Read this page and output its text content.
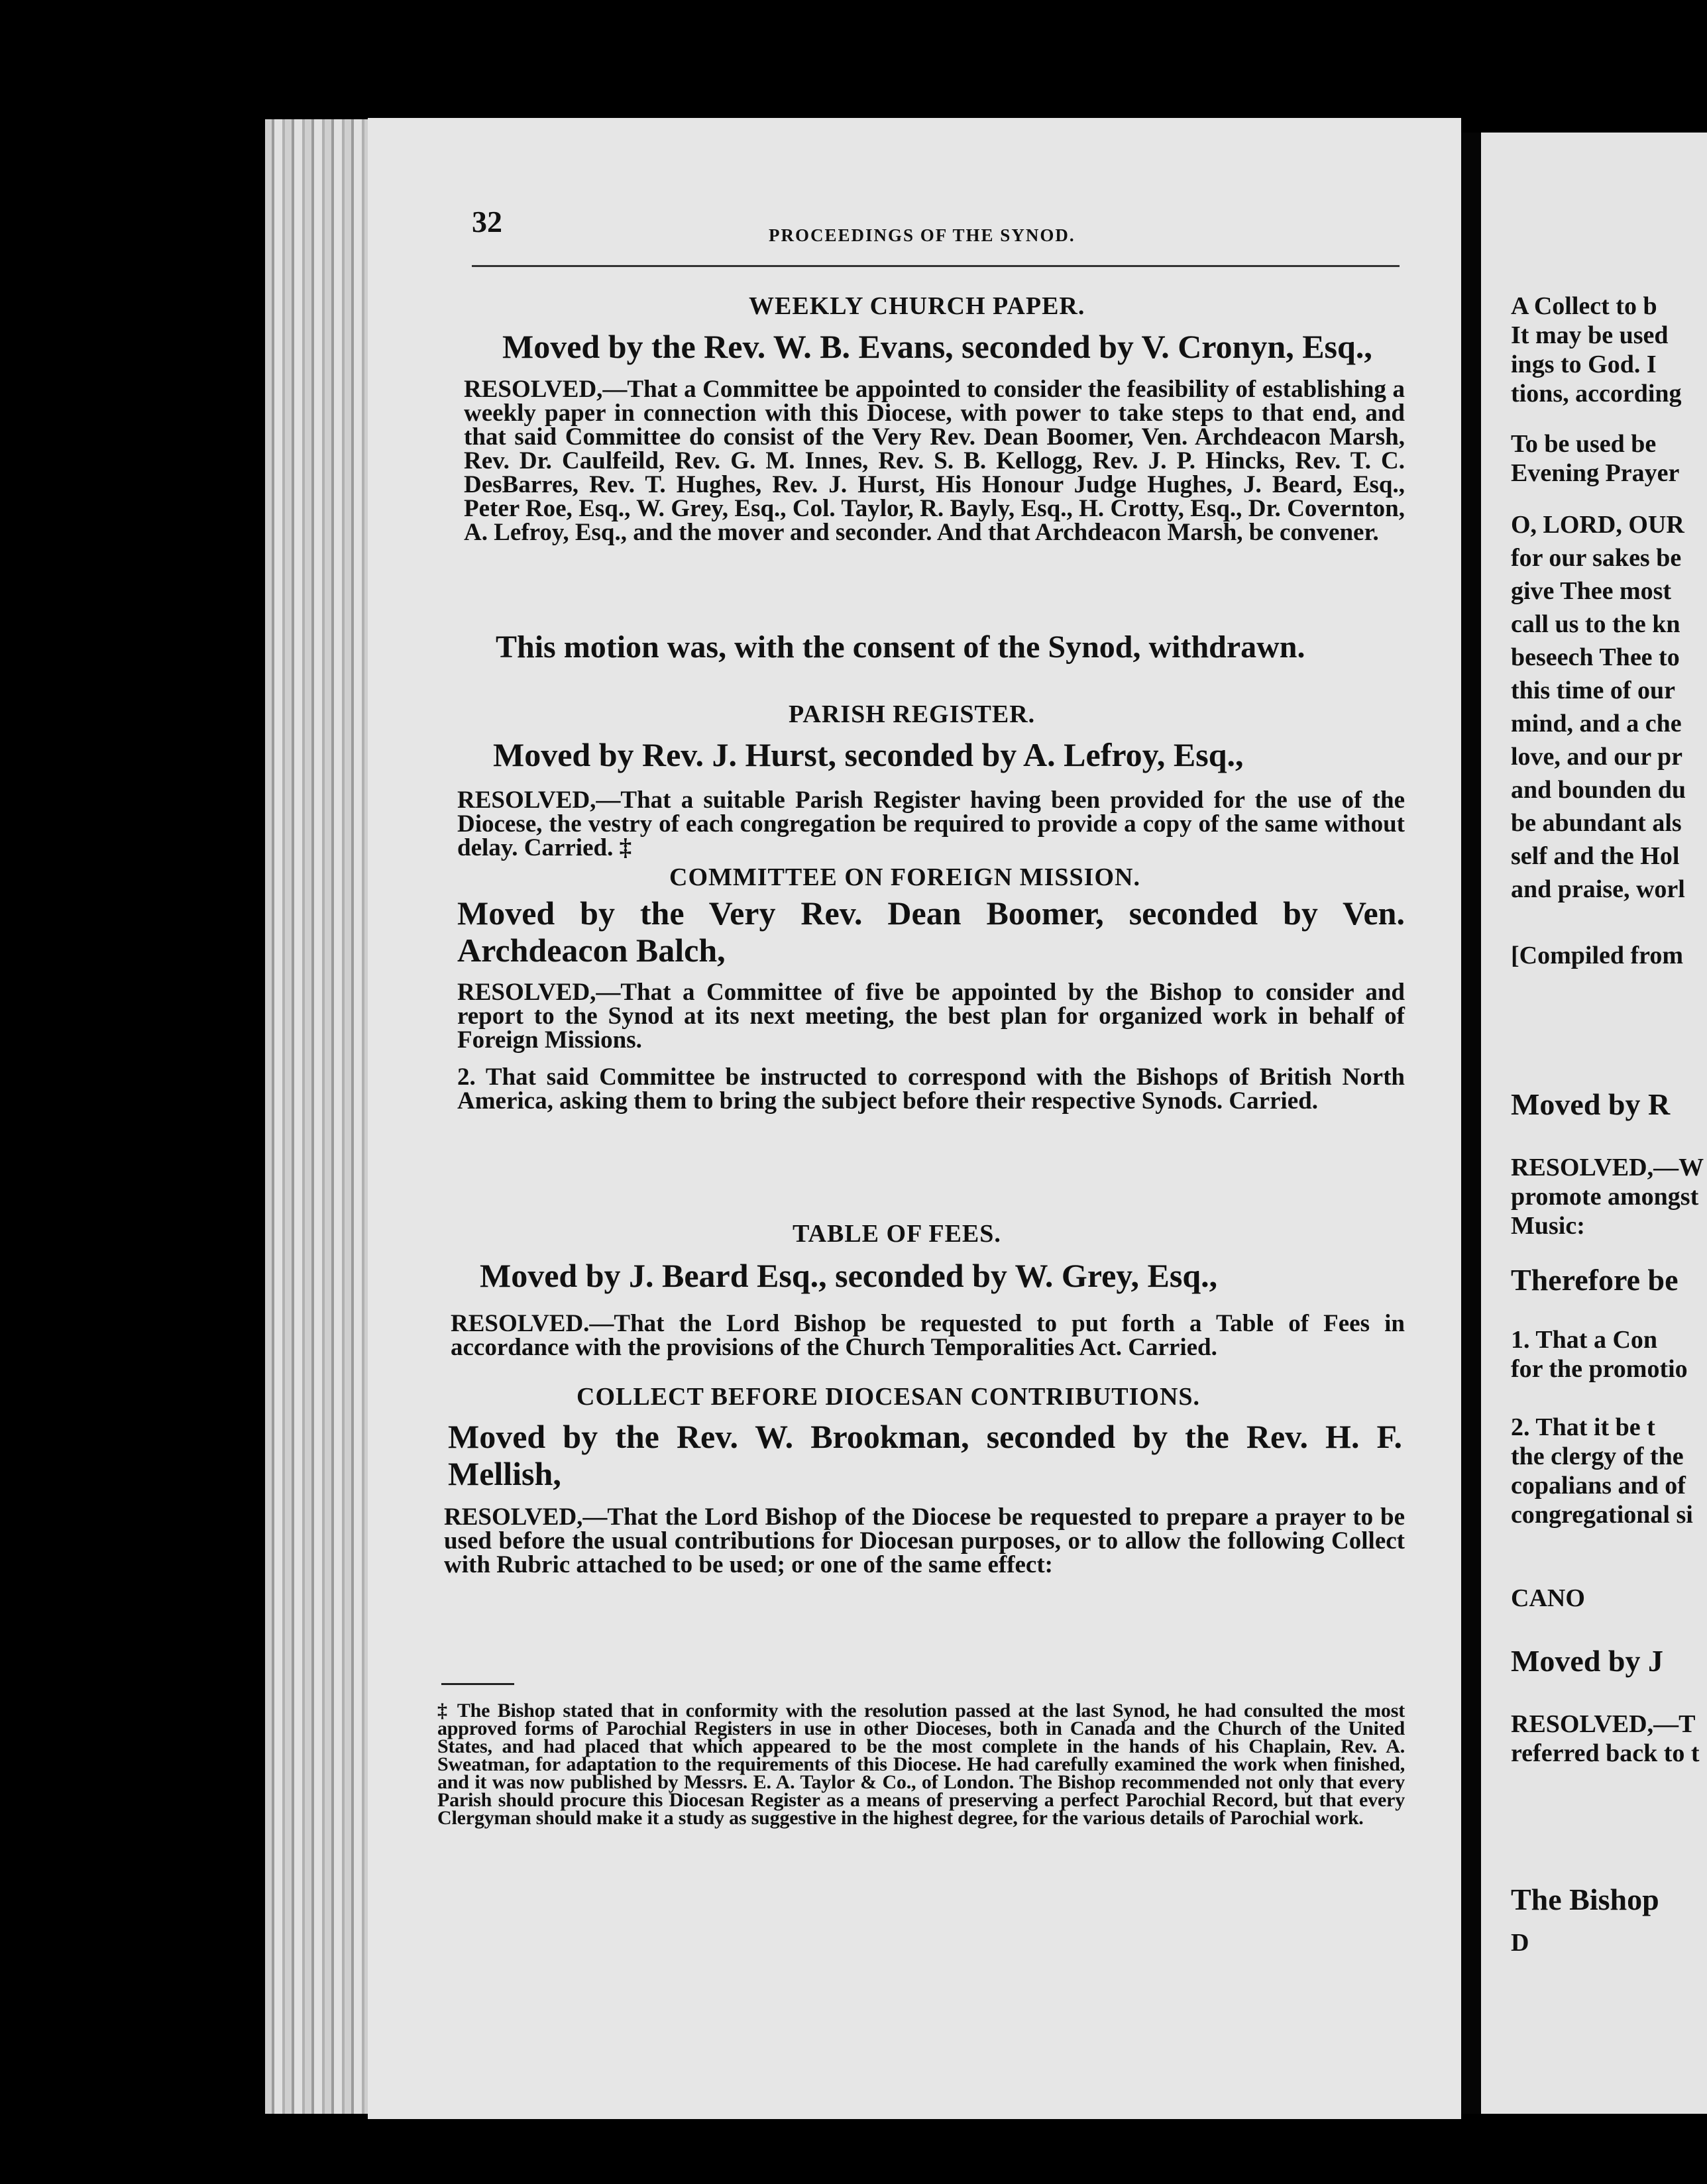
A Collect to b
It may be used
ings to God. I
tions, according
To be used be
Evening Prayer
O, LORD, OUR
for our sakes be
give Thee most
call us to the kn
beseech Thee to
this time of our
mind, and a che
love, and our pr
and bounden du
be abundant als
self and the Hol
and praise, worl
[Compiled from
Moved by R
RESOLVED,—W
promote amongst
Music:
Therefore be
1. That a Con
for the promotio
2. That it be t
the clergy of the
copalians and of
congregational si
CANO
Moved by J
RESOLVED,—T
referred back to t
The Bishop
D
32	PROCEEDINGS OF THE SYNOD.
WEEKLY CHURCH PAPER.
Moved by the Rev. W. B. Evans, seconded by V. Cronyn, Esq.,
RESOLVED,—That a Committee be appointed to consider the feasibility of establishing a weekly paper in connection with this Diocese, with power to take steps to that end, and that said Committee do consist of the Very Rev. Dean Boomer, Ven. Archdeacon Marsh, Rev. Dr. Caulfeild, Rev. G. M. Innes, Rev. S. B. Kellogg, Rev. J. P. Hincks, Rev. T. C. DesBarres, Rev. T. Hughes, Rev. J. Hurst, His Honour Judge Hughes, J. Beard, Esq., Peter Roe, Esq., W. Grey, Esq., Col. Taylor, R. Bayly, Esq., H. Crotty, Esq., Dr. Covernton, A. Lefroy, Esq., and the mover and seconder. And that Archdeacon Marsh, be convener.
This motion was, with the consent of the Synod, withdrawn.
PARISH REGISTER.
Moved by Rev. J. Hurst, seconded by A. Lefroy, Esq.,
RESOLVED,—That a suitable Parish Register having been provided for the use of the Diocese, the vestry of each congregation be required to provide a copy of the same without delay. Carried. ‡
COMMITTEE ON FOREIGN MISSION.
Moved by the Very Rev. Dean Boomer, seconded by Ven. Archdeacon Balch,
RESOLVED,—That a Committee of five be appointed by the Bishop to consider and report to the Synod at its next meeting, the best plan for organized work in behalf of Foreign Missions.
2. That said Committee be instructed to correspond with the Bishops of British North America, asking them to bring the subject before their respective Synods. Carried.
TABLE OF FEES.
Moved by J. Beard Esq., seconded by W. Grey, Esq.,
RESOLVED.—That the Lord Bishop be requested to put forth a Table of Fees in accordance with the provisions of the Church Temporalities Act. Carried.
COLLECT BEFORE DIOCESAN CONTRIBUTIONS.
Moved by the Rev. W. Brookman, seconded by the Rev. H. F. Mellish,
RESOLVED,—That the Lord Bishop of the Diocese be requested to prepare a prayer to be used before the usual contributions for Diocesan purposes, or to allow the following Collect with Rubric attached to be used; or one of the same effect:
‡ The Bishop stated that in conformity with the resolution passed at the last Synod, he had consulted the most approved forms of Parochial Registers in use in other Dioceses, both in Canada and the Church of the United States, and had placed that which appeared to be the most complete in the hands of his Chaplain, Rev. A. Sweatman, for adaptation to the requirements of this Diocese. He had carefully examined the work when finished, and it was now published by Messrs. E. A. Taylor & Co., of London. The Bishop recommended not only that every Parish should procure this Diocesan Register as a means of preserving a perfect Parochial Record, but that every Clergyman should make it a study as suggestive in the highest degree, for the various details of Parochial work.
